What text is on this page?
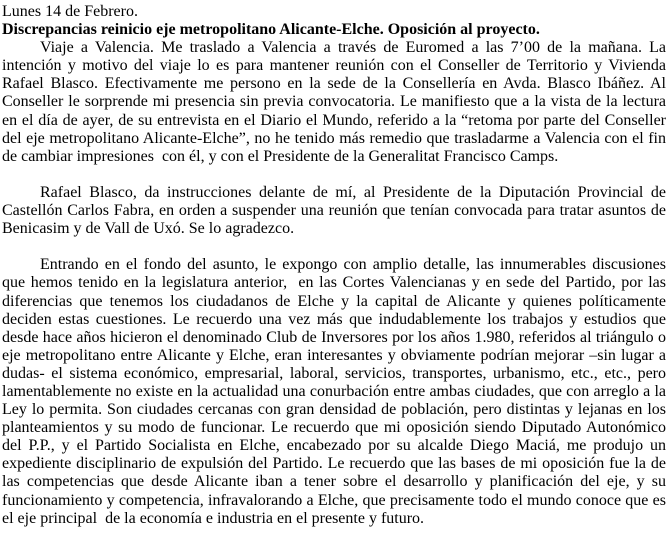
Lunes 14 de Febrero.
Discrepancias reinicio eje metropolitano Alicante-Elche. Oposición al proyecto.
Viaje a Valencia. Me traslado a Valencia a través de Euromed a las 7’00 de la mañana. La
intención y motivo del viaje lo es para mantener reunión con el Conseller de Territorio y Vivienda
Rafael Blasco. Efectivamente me persono en la sede de la Consellería en Avda. Blasco Ibáñez. Al
Conseller le sorprende mi presencia sin previa convocatoria. Le manifiesto que a la vista de la lectura
en el día de ayer, de su entrevista en el Diario el Mundo, referido a la “retoma por parte del Conseller
del eje metropolitano Alicante-Elche”, no he tenido más remedio que trasladarme a Valencia con el fin
de cambiar impresiones  con él, y con el Presidente de la Generalitat Francisco Camps.
Rafael Blasco, da instrucciones delante de mí, al Presidente de la Diputación Provincial de
Castellón Carlos Fabra, en orden a suspender una reunión que tenían convocada para tratar asuntos de
Benicasim y de Vall de Uxó. Se lo agradezco.
Entrando en el fondo del asunto, le expongo con amplio detalle, las innumerables discusiones
que hemos tenido en la legislatura anterior,  en las Cortes Valencianas y en sede del Partido, por las
diferencias que tenemos los ciudadanos de Elche y la capital de Alicante y quienes políticamente
deciden estas cuestiones. Le recuerdo una vez más que indudablemente los trabajos y estudios que
desde hace años hicieron el denominado Club de Inversores por los años 1.980, referidos al triángulo o
eje metropolitano entre Alicante y Elche, eran interesantes y obviamente podrían mejorar –sin lugar a
dudas- el sistema económico, empresarial, laboral, servicios, transportes, urbanismo, etc., etc., pero
lamentablemente no existe en la actualidad una conurbación entre ambas ciudades, que con arreglo a la
Ley lo permita. Son ciudades cercanas con gran densidad de población, pero distintas y lejanas en los
planteamientos y su modo de funcionar. Le recuerdo que mi oposición siendo Diputado Autonómico
del P.P., y el Partido Socialista en Elche, encabezado por su alcalde Diego Maciá, me produjo un
expediente disciplinario de expulsión del Partido. Le recuerdo que las bases de mi oposición fue la de
las competencias que desde Alicante iban a tener sobre el desarrollo y planificación del eje, y su
funcionamiento y competencia, infravalorando a Elche, que precisamente todo el mundo conoce que es
el eje principal  de la economía e industria en el presente y futuro.
